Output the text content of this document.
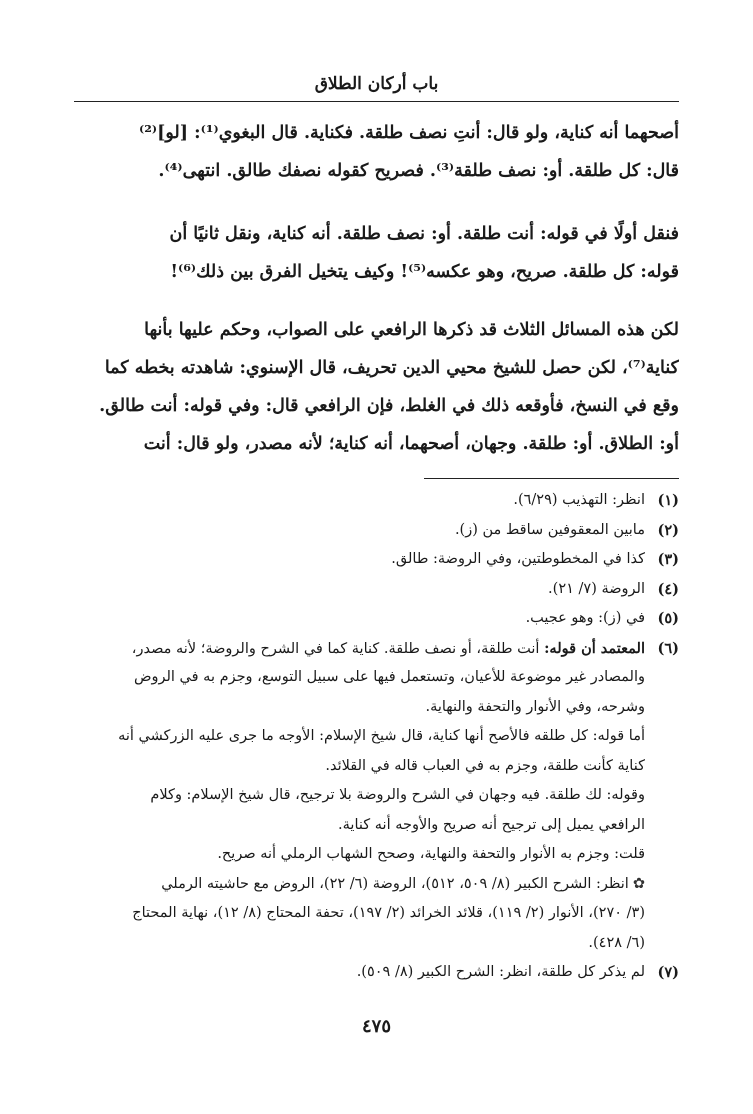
باب أركان الطلاق

أصحهما أنه كناية، ولو قال: أنتِ نصف طلقة. فكناية. قال البغوي⁽¹⁾: [لو]⁽²⁾
قال: كل طلقة. أو: نصف طلقة⁽³⁾. فصريح كقوله نصفك طالق. انتهى⁽⁴⁾.

فنقل أولًا في قوله: أنت طلقة. أو: نصف طلقة. أنه كناية، ونقل ثانيًا أن
قوله: كل طلقة. صريح، وهو عكسه⁽⁵⁾! وكيف يتخيل الفرق بين ذلك⁽⁶⁾!

لكن هذه المسائل الثلاث قد ذكرها الرافعي على الصواب، وحكم عليها بأنها
كناية⁽⁷⁾، لكن حصل للشيخ محيي الدين تحريف، قال الإسنوي: شاهدته بخطه كما
وقع في النسخ، فأوقعه ذلك في الغلط، فإن الرافعي قال: وفي قوله: أنت طالق.
أو: الطلاق. أو: طلقة. وجهان، أصحهما، أنه كناية؛ لأنه مصدر، ولو قال: أنت

(١)
انظر: التهذيب (٦/٢٩).
(٢)
مابين المعقوفين ساقط من (ز).
(٣)
كذا في المخطوطتين، وفي الروضة: طالق.
(٤)
الروضة (٧/ ٢١).
(٥)
في (ز): وهو عجيب.
(٦)
المعتمد أن قوله: أنت طلقة، أو نصف طلقة. كناية كما في الشرح والروضة؛ لأنه مصدر،
والمصادر غير موضوعة للأعيان، وتستعمل فيها على سبيل التوسع، وجزم به في الروض
وشرحه، وفي الأنوار والتحفة والنهاية.
أما قوله: كل طلقه فالأصح أنها كناية، قال شيخ الإسلام: الأوجه ما جرى عليه الزركشي أنه
كناية كأنت طلقة، وجزم به في العباب قاله في القلائد.
وقوله: لك طلقة. فيه وجهان في الشرح والروضة بلا ترجيح، قال شيخ الإسلام: وكلام
الرافعي يميل إلى ترجيح أنه صريح والأوجه أنه كناية.
قلت: وجزم به الأنوار والتحفة والنهاية، وصحح الشهاب الرملي أنه صريح.
✿انظر: الشرح الكبير (٨/ ٥٠٩، ٥١٢)، الروضة (٦/ ٢٢)، الروض مع حاشيته الرملي
(٣/ ٢٧٠)، الأنوار (٢/ ١١٩)، قلائد الخرائد (٢/ ١٩٧)، تحفة المحتاج (٨/ ١٢)، نهاية المحتاج
(٦/ ٤٢٨).
(٧)
لم يذكر كل طلقة، انظر: الشرح الكبير (٨/ ٥٠٩).
٤٧٥
